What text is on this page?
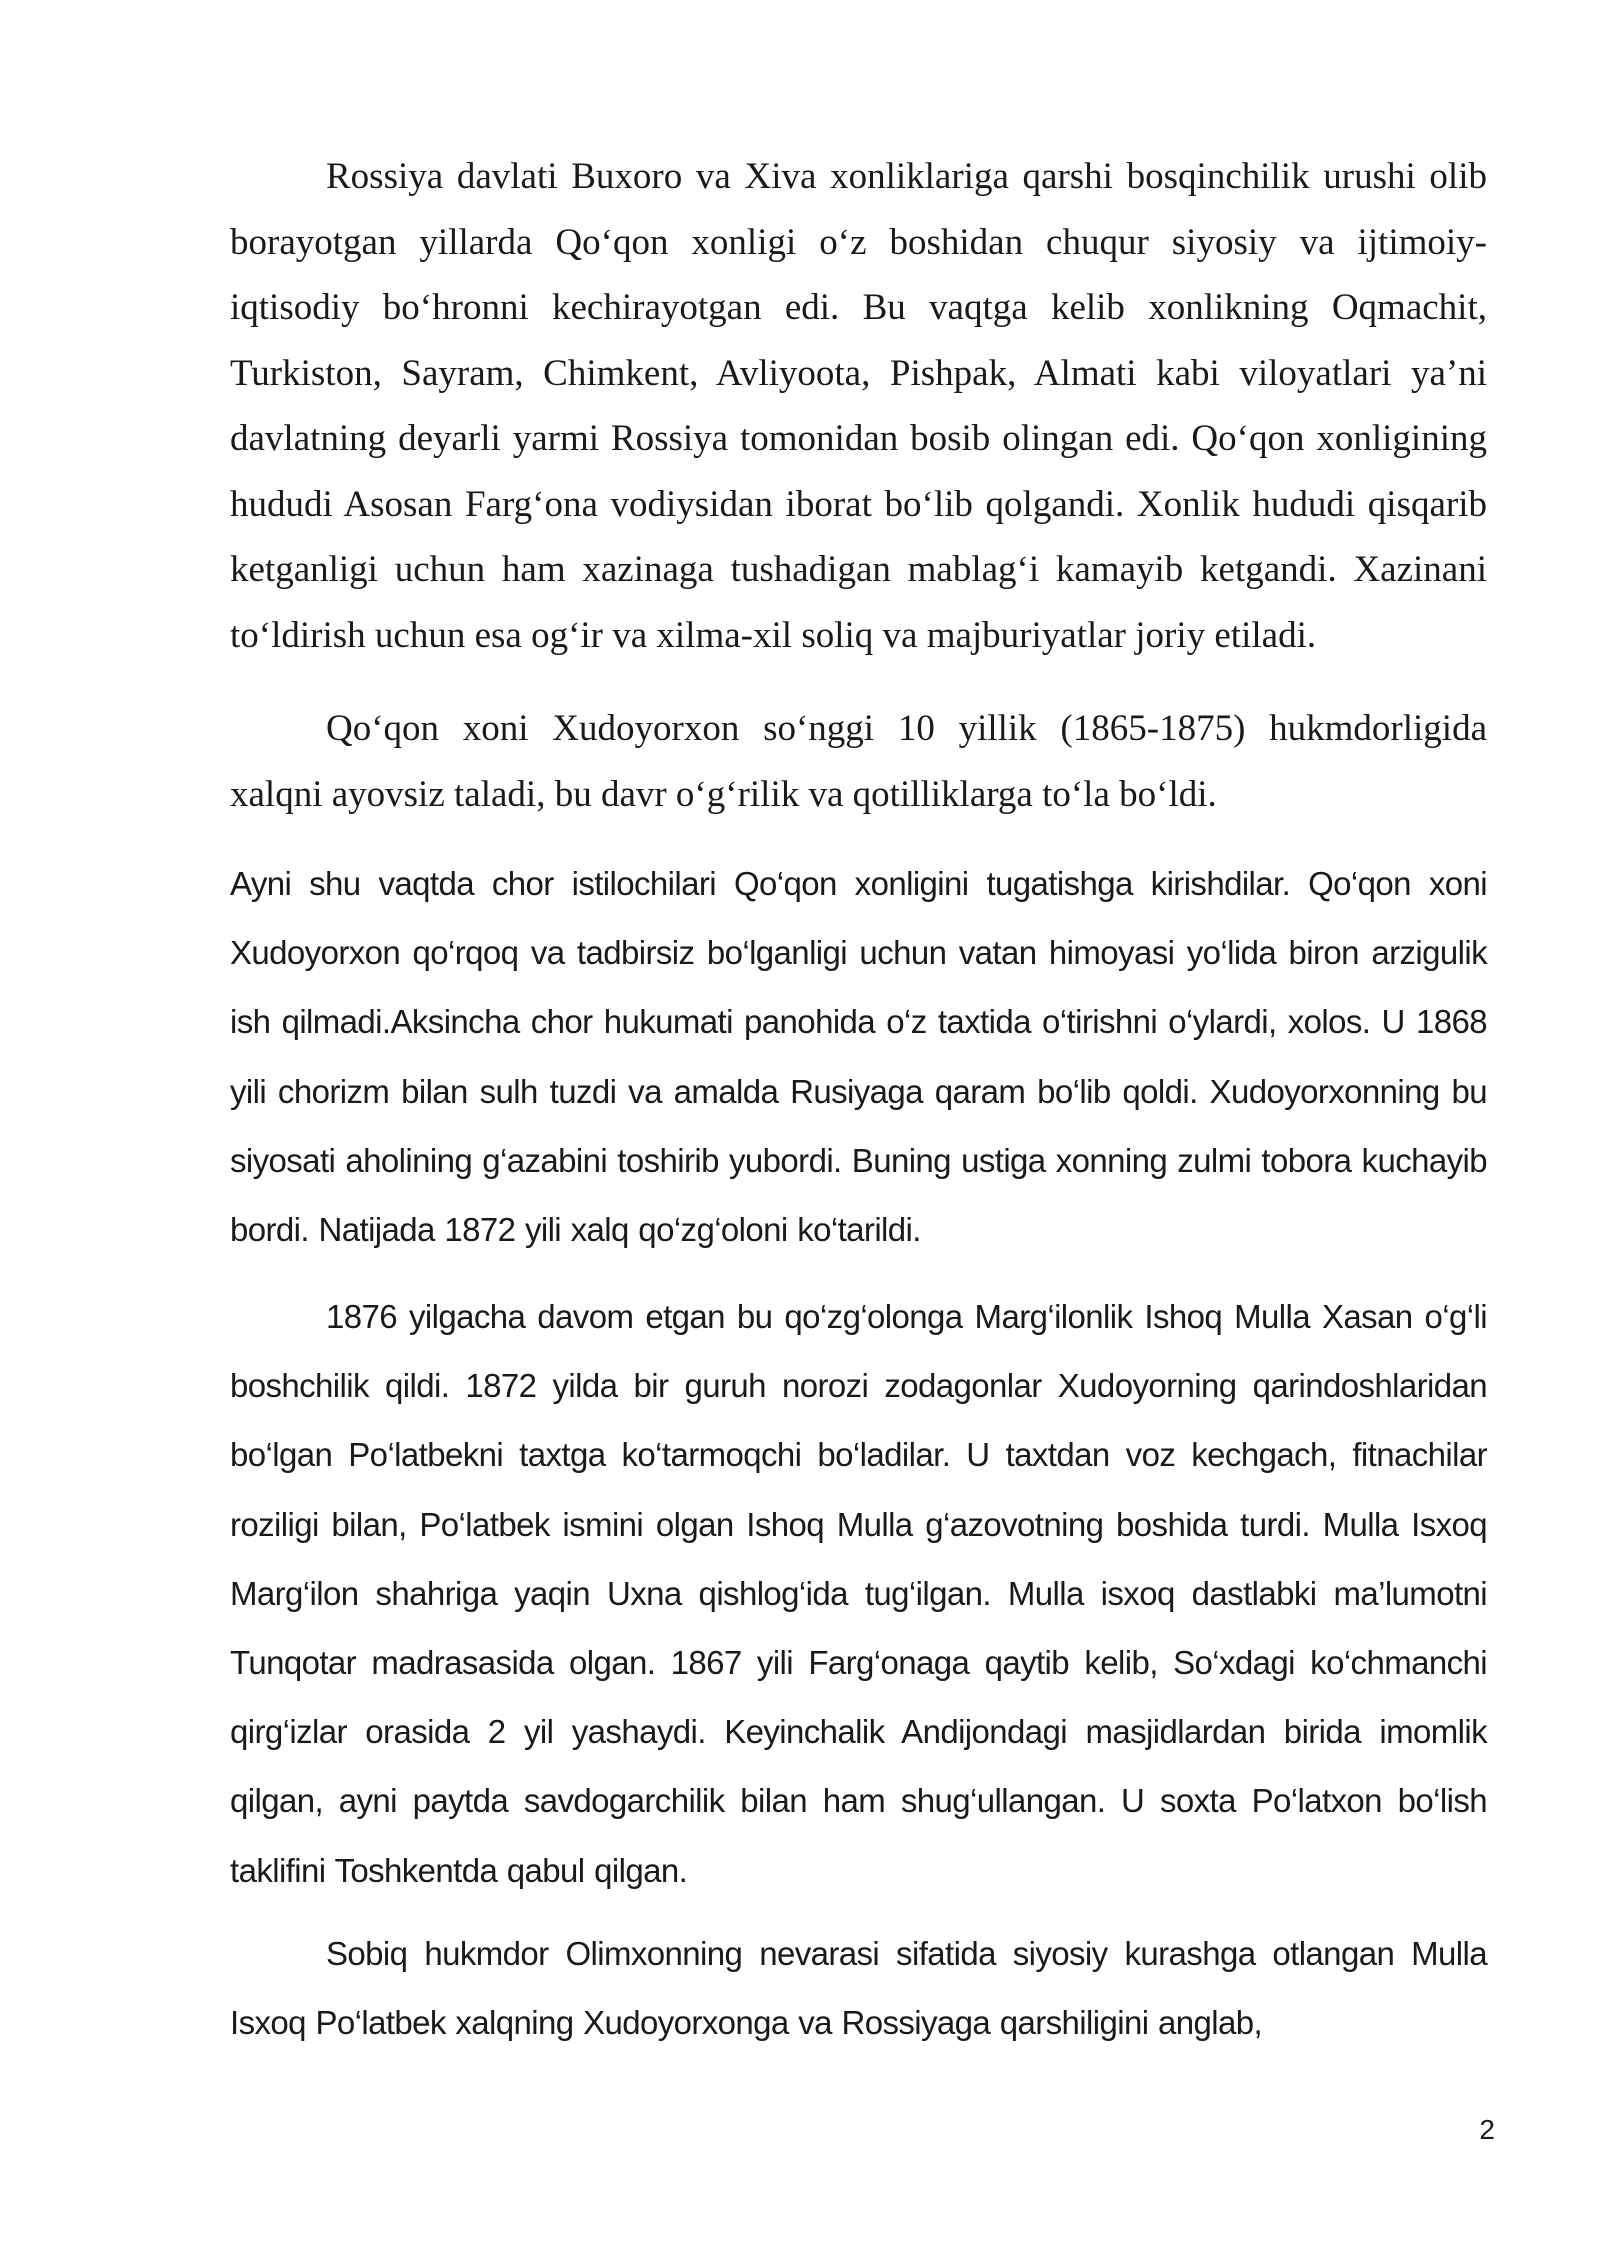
Rossiya davlati Buxoro va Xiva xonliklariga qarshi bosqinchilik urushi olib borayotgan yillarda Qo‘qon xonligi o‘z boshidan chuqur siyosiy va ijtimoiy-iqtisodiy bo‘hronni kechirayotgan edi. Bu vaqtga kelib xonlikning Oqmachit, Turkiston, Sayram, Chimkent, Avliyoota, Pishpak, Almati kabi viloyatlari ya’ni davlatning deyarli yarmi Rossiya tomonidan bosib olingan edi. Qo‘qon xonligining hududi Asosan Farg‘ona vodiysidan iborat bo‘lib qolgandi. Xonlik hududi qisqarib ketganligi uchun ham xazinaga tushadigan mablag‘i kamayib ketgandi. Xazinani to‘ldirish uchun esa og‘ir va xilma-xil soliq va majburiyatlar joriy etiladi.

Qo‘qon xoni Xudoyorxon so‘nggi 10 yillik (1865-1875) hukmdorligida xalqni ayovsiz taladi, bu davr o‘g‘rilik va qotilliklarga to‘la bo‘ldi.

Ayni shu vaqtda chor istilochilari Qo‘qon xonligini tugatishga kirishdilar. Qo‘qon xoni Xudoyorxon qo‘rqoq va tadbirsiz bo‘lganligi uchun vatan himoyasi yo‘lida biron arzigulik ish qilmadi.Aksincha chor hukumati panohida o‘z taxtida o‘tirishni o‘ylardi, xolos. U 1868 yili chorizm bilan sulh tuzdi va amalda Rusiyaga qaram bo‘lib qoldi. Xudoyorxonning bu siyosati aholining g‘azabini toshirib yubordi. Buning ustiga xonning zulmi tobora kuchayib bordi. Natijada 1872 yili xalq qo‘zg‘oloni ko‘tarildi.

1876 yilgacha davom etgan bu qo‘zg‘olonga Marg‘ilonlik Ishoq Mulla Xasan o‘g‘li boshchilik qildi. 1872 yilda bir guruh norozi zodagonlar Xudoyorning qarindoshlaridan bo‘lgan Po‘latbekni taxtga ko‘tarmoqchi bo‘ladilar. U taxtdan voz kechgach, fitnachilar roziligi bilan, Po‘latbek ismini olgan Ishoq Mulla g‘azovotning boshida turdi. Mulla Isxoq Marg‘ilon shahriga yaqin Uxna qishlog‘ida tug‘ilgan. Mulla isxoq dastlabki ma’lumotni Tunqotar madrasasida olgan. 1867 yili Farg‘onaga qaytib kelib, So‘xdagi ko‘chmanchi qirg‘izlar orasida 2 yil yashaydi. Keyinchalik Andijondagi masjidlardan birida imomlik qilgan, ayni paytda savdogarchilik bilan ham shug‘ullangan. U soxta Po‘latxon bo‘lish taklifini Toshkentda qabul qilgan.

Sobiq hukmdor Olimxonning nevarasi sifatida siyosiy kurashga otlangan Mulla Isxoq Po‘latbek xalqning Xudoyorxonga va Rossiyaga qarshiligini anglab,

2
